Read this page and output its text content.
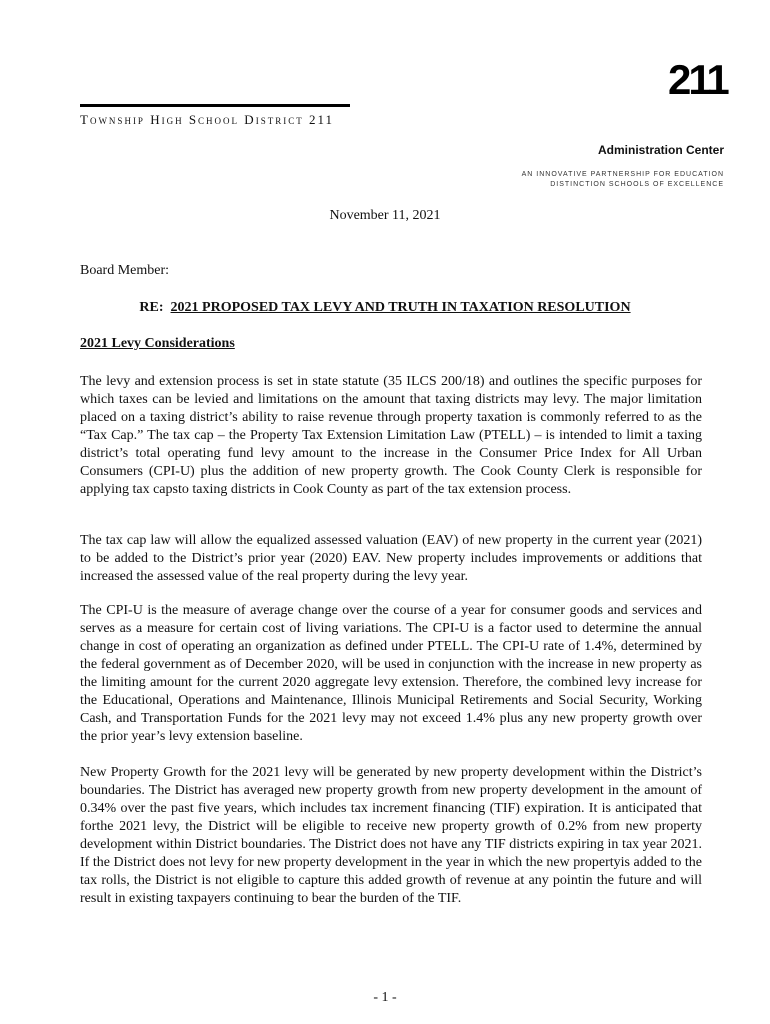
211
Township High School District 211
Administration Center
AN INNOVATIVE PARTNERSHIP FOR EDUCATION
DISTINCTION SCHOOLS OF EXCELLENCE
November 11, 2021
Board Member:
RE: 2021 PROPOSED TAX LEVY AND TRUTH IN TAXATION RESOLUTION
2021 Levy Considerations

The levy and extension process is set in state statute (35 ILCS 200/18) and outlines the specific purposes for which taxes can be levied and limitations on the amount that taxing districts may levy. The major limitation placed on a taxing district’s ability to raise revenue through property taxation is commonly referred to as the “Tax Cap.” The tax cap – the Property Tax Extension Limitation Law (PTELL) – is intended to limit a taxing district’s total operating fund levy amount to the increase in the Consumer Price Index for All Urban Consumers (CPI-U) plus the addition of new property growth. The Cook County Clerk is responsible for applying tax capsto taxing districts in Cook County as part of the tax extension process.

The tax cap law will allow the equalized assessed valuation (EAV) of new property in the current year (2021) to be added to the District’s prior year (2020) EAV. New property includes improvements or additions that increased the assessed value of the real property during the levy year.

The CPI-U is the measure of average change over the course of a year for consumer goods and services and serves as a measure for certain cost of living variations. The CPI-U is a factor used to determine the annual change in cost of operating an organization as defined under PTELL. The CPI-U rate of 1.4%, determined by the federal government as of December 2020, will be used in conjunction with the increase in new property as the limiting amount for the current 2020 aggregate levy extension. Therefore, the combined levy increase for the Educational, Operations and Maintenance, Illinois Municipal Retirements and Social Security, Working Cash, and Transportation Funds for the 2021 levy may not exceed 1.4% plus any new property growth over the prior year’s levy extension baseline.

New Property Growth for the 2021 levy will be generated by new property development within the District’s boundaries. The District has averaged new property growth from new property development in the amount of 0.34% over the past five years, which includes tax increment financing (TIF) expiration. It is anticipated that forthe 2021 levy, the District will be eligible to receive new property growth of 0.2% from new property development within District boundaries. The District does not have any TIF districts expiring in tax year 2021. If the District does not levy for new property development in the year in which the new propertyis added to the tax rolls, the District is not eligible to capture this added growth of revenue at any pointin the future and will result in existing taxpayers continuing to bear the burden of the TIF.

- 1 -
